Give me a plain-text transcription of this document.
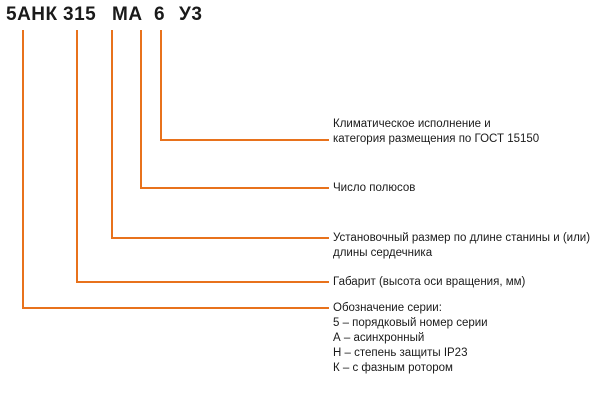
5АНК 315 МА 6 У3
Климатическое исполнение и
категория размещения по ГОСТ 15150
Число полюсов
Установочный размер по длине станины и (или)
длины сердечника
Габарит (высота оси вращения, мм)
Обозначение серии:
5 – порядковый номер серии
А – асинхронный
Н – степень защиты IP23
К – с фазным ротором
